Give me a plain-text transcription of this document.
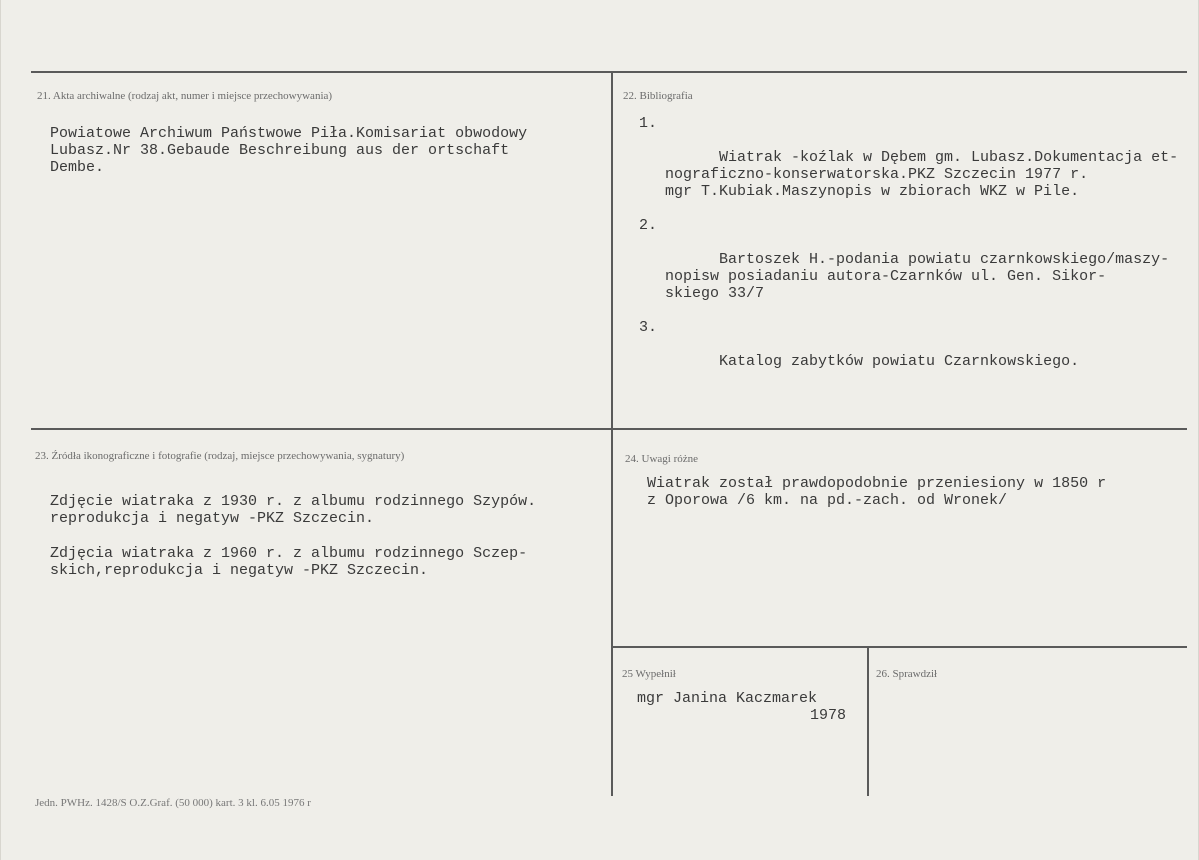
21. Akta archiwalne (rodzaj akt, numer i miejsce przechowywania)
Powiatowe Archiwum Państwowe Piła.Komisariat obwodowy
Lubasz.Nr 38.Gebaude Beschreibung aus der ortschaft
Dembe.
22. Bibliografia

1.

Wiatrak -koźlak w Dębem gm. Lubasz.Dokumentacja et-
nograficzno-konserwatorska.PKZ Szczecin 1977 r.
mgr T.Kubiak.Maszynopis w zbiorach WKZ w Pile.

2.

Bartoszek H.-podania powiatu czarnkowskiego/maszy-
nopisw posiadaniu autora-Czarnków ul. Gen. Sikor-
skiego 33/7

3.

Katalog zabytków powiatu Czarnkowskiego.

23. Źródła ikonograficzne i fotografie (rodzaj, miejsce przechowywania, sygnatury)
Zdjęcie wiatraka z 1930 r. z albumu rodzinnego Szypów.
reprodukcja i negatyw -PKZ Szczecin.
Zdjęcia wiatraka z 1960 r. z albumu rodzinnego Sczep-
skich,reprodukcja i negatyw -PKZ Szczecin.
24. Uwagi różne
Wiatrak został prawdopodobnie przeniesiony w 1850 r
z Oporowa /6 km. na pd.-zach. od Wronek/
25 Wypełnił
mgr Janina Kaczmarek
1978
26. Sprawdził
Jedn. PWHz. 1428/S O.Z.Graf. (50 000) kart. 3 kl. 6.05 1976 r
